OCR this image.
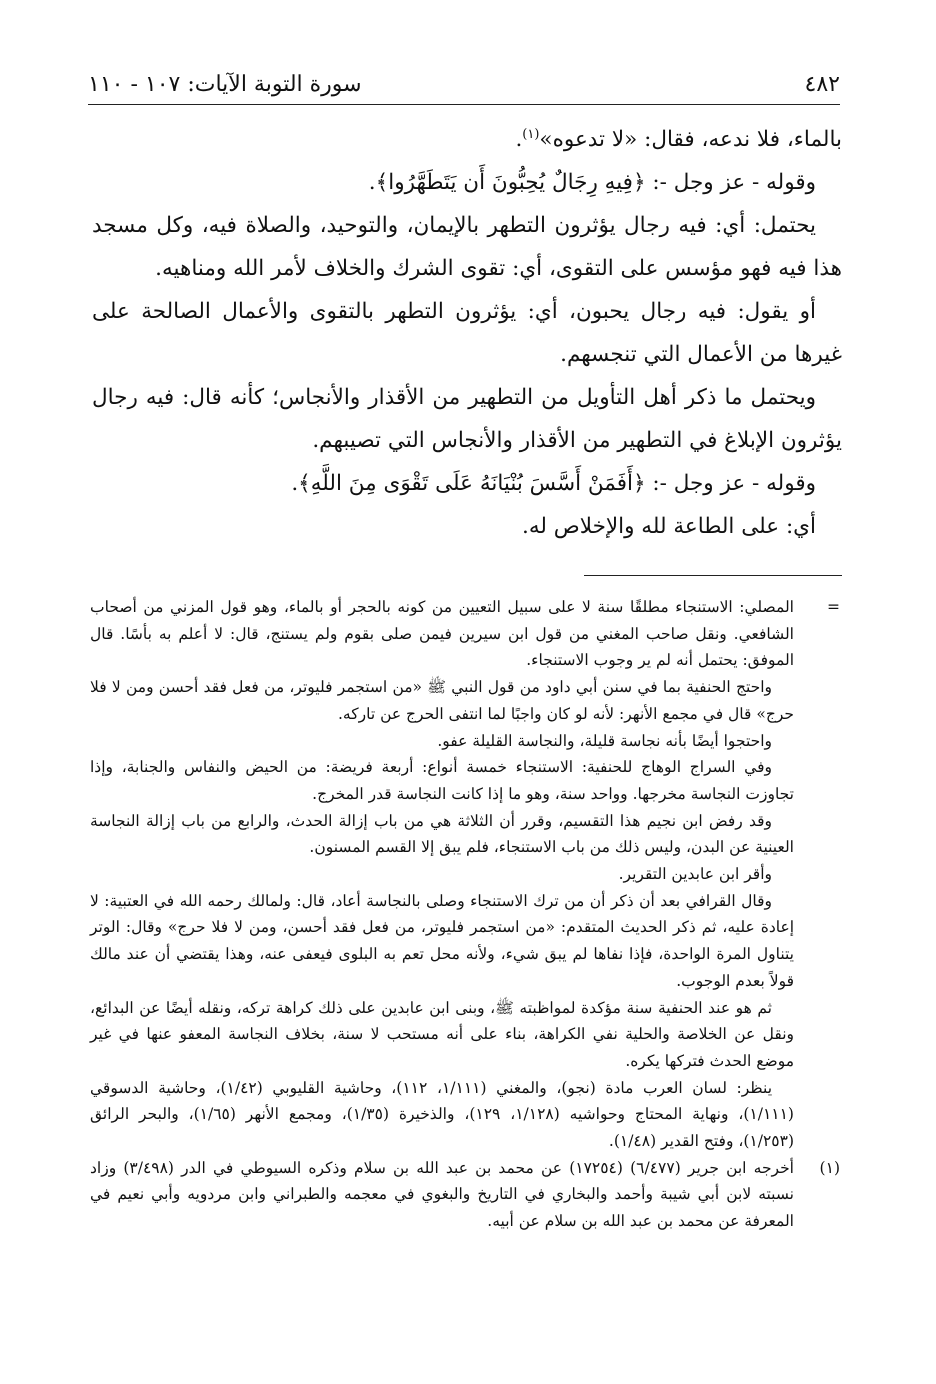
٤٨٢
سورة التوبة الآيات: ١٠٧ - ١١٠

بالماء، فلا ندعه، فقال: «لا تدعوه»$^{(١)}$.

وقوله - عز وجل -: ﴿فِيهِ رِجَالٌ يُحِبُّونَ أَن يَتَطَهَّرُوا﴾.

يحتمل: أي: فيه رجال يؤثرون التطهر بالإيمان، والتوحيد، والصلاة فيه، وكل مسجد هذا فيه فهو مؤسس على التقوى، أي: تقوى الشرك والخلاف لأمر الله ومناهيه.

أو يقول: فيه رجال يحبون، أي: يؤثرون التطهر بالتقوى والأعمال الصالحة على غيرها من الأعمال التي تنجسهم.

ويحتمل ما ذكر أهل التأويل من التطهير من الأقذار والأنجاس؛ كأنه قال: فيه رجال يؤثرون الإبلاغ في التطهير من الأقذار والأنجاس التي تصيبهم.

وقوله - عز وجل -: ﴿أَفَمَنْ أَسَّسَ بُنْيَانَهُ عَلَى تَقْوَى مِنَ اللَّهِ﴾.

أي: على الطاعة لله والإخلاص له.

=
المصلي: الاستنجاء مطلقًا سنة لا على سبيل التعيين من كونه بالحجر أو بالماء، وهو قول المزني من أصحاب الشافعي. ونقل صاحب المغني من قول ابن سيرين فيمن صلى بقوم ولم يستنج، قال: لا أعلم به بأسًا. قال الموفق: يحتمل أنه لم ير وجوب الاستنجاء.

واحتج الحنفية بما في سنن أبي داود من قول النبي ﷺ «من استجمر فليوتر، من فعل فقد أحسن ومن لا فلا حرج» قال في مجمع الأنهر: لأنه لو كان واجبًا لما انتفى الحرج عن تاركه.

واحتجوا أيضًا بأنه نجاسة قليلة، والنجاسة القليلة عفو.

وفي السراج الوهاج للحنفية: الاستنجاء خمسة أنواع: أربعة فريضة: من الحيض والنفاس والجنابة، وإذا تجاوزت النجاسة مخرجها. وواحد سنة، وهو ما إذا كانت النجاسة قدر المخرج.

وقد رفض ابن نجيم هذا التقسيم، وقرر أن الثلاثة هي من باب إزالة الحدث، والرابع من باب إزالة النجاسة العينية عن البدن، وليس ذلك من باب الاستنجاء، فلم يبق إلا القسم المسنون.

وأقر ابن عابدين التقرير.

وقال القرافي بعد أن ذكر أن من ترك الاستنجاء وصلى بالنجاسة أعاد، قال: ولمالك رحمه الله في العتبية: لا إعادة عليه، ثم ذكر الحديث المتقدم: «من استجمر فليوتر، من فعل فقد أحسن، ومن لا فلا حرج» وقال: الوتر يتناول المرة الواحدة، فإذا نفاها لم يبق شيء، ولأنه محل تعم به البلوى فيعفى عنه، وهذا يقتضي أن عند مالك قولاً بعدم الوجوب.

ثم هو عند الحنفية سنة مؤكدة لمواظبته ﷺ، وبنى ابن عابدين على ذلك كراهة تركه، ونقله أيضًا عن البدائع، ونقل عن الخلاصة والحلية نفي الكراهة، بناء على أنه مستحب لا سنة، بخلاف النجاسة المعفو عنها في غير موضع الحدث فتركها يكره.

ينظر: لسان العرب مادة (نجو)، والمغني (١/١١١، ١١٢)، وحاشية القليوبي (١/٤٢)، وحاشية الدسوقي (١/١١١)، ونهاية المحتاج وحواشيه (١/١٢٨، ١٢٩)، والذخيرة (١/٣٥)، ومجمع الأنهر (١/٦٥)، والبحر الرائق (١/٢٥٣)، وفتح القدير (١/٤٨).

(١)
أخرجه ابن جرير (٦/٤٧٧) (١٧٢٥٤) عن محمد بن عبد الله بن سلام وذكره السيوطي في الدر (٣/٤٩٨) وزاد نسبته لابن أبي شيبة وأحمد والبخاري في التاريخ والبغوي في معجمه والطبراني وابن مردويه وأبي نعيم في المعرفة عن محمد بن عبد الله بن سلام عن أبيه.
